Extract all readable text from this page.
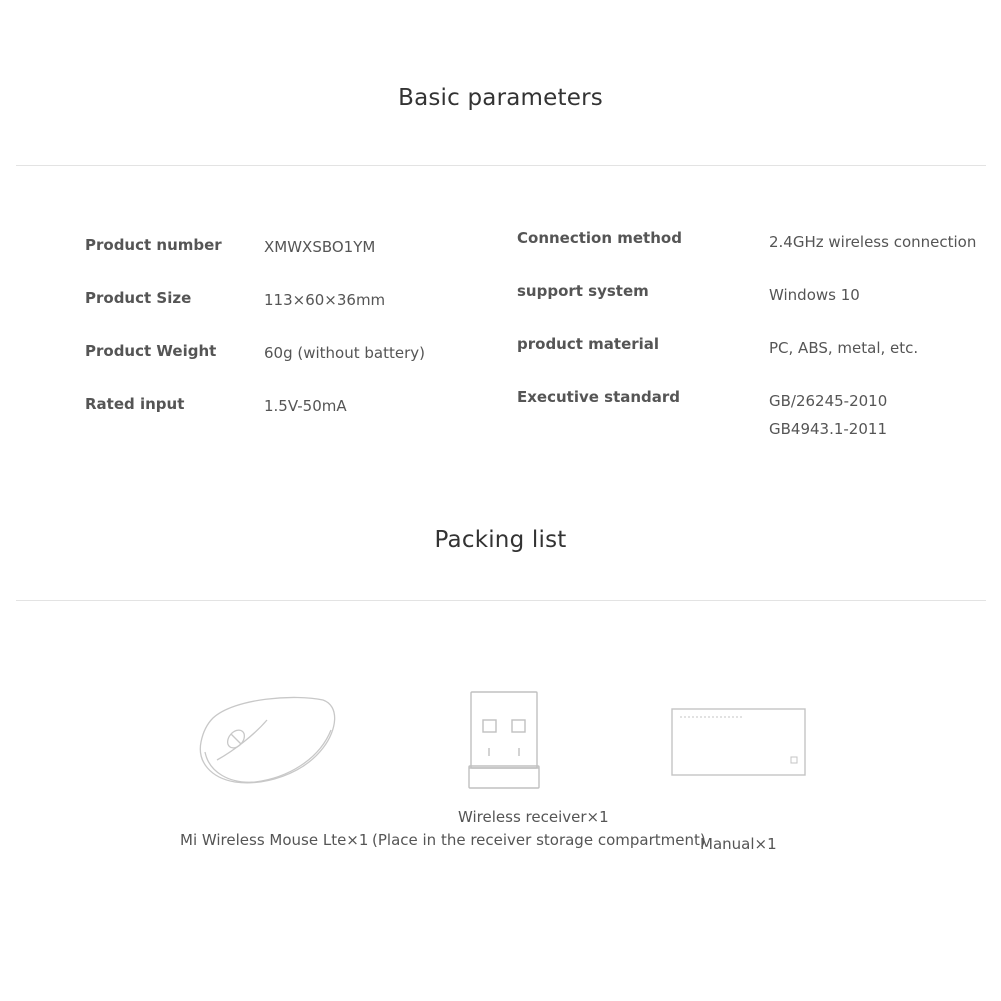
Basic parameters
Product number	XMWXSBO1YM
Product Size	113×60×36mm
Product Weight	60g (without battery)
Rated input	1.5V-50mA
Connection method	2.4GHz wireless connection
support system	Windows 10
product material	PC, ABS, metal, etc.
Executive standard	GB/26245-2010
GB4943.1-2011
Packing list
Mi Wireless Mouse Lte×1
Wireless receiver×1
(Place in the receiver storage compartment)
Manual×1
